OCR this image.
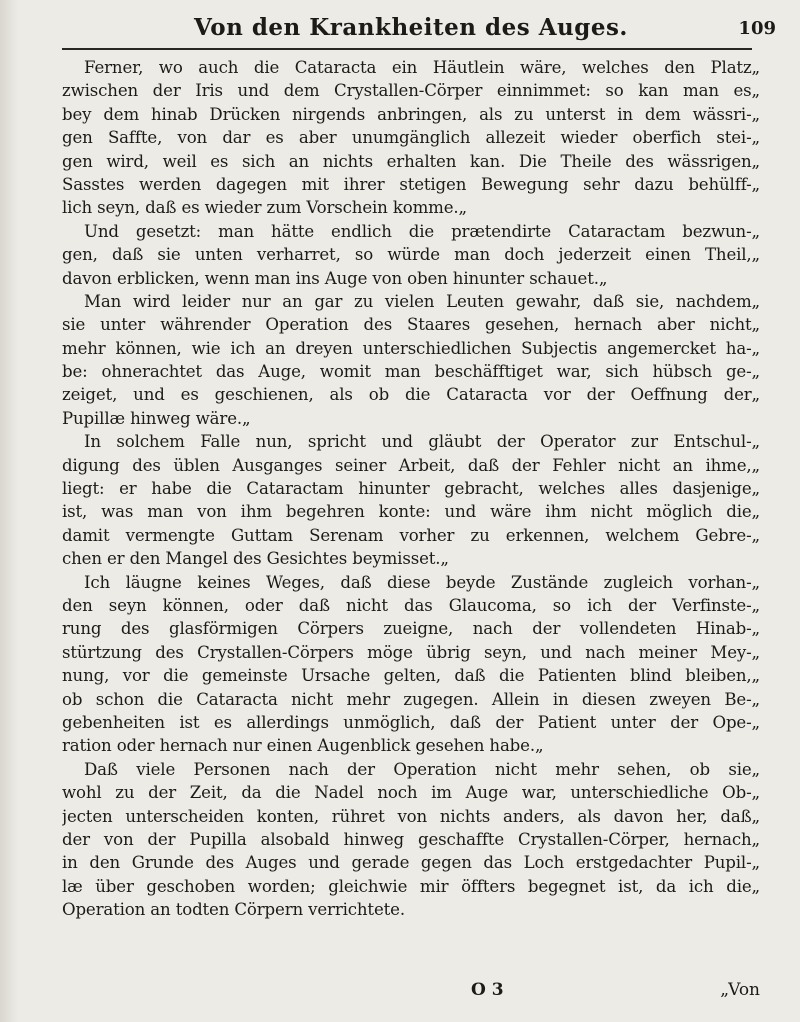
Von den Krankheiten des Auges.	109
Ferner, wo auch die Cataracta ein Häutlein wäre, welches den Platz„
zwischen der Iris und dem Crystallen-Cörper einnimmet: so kan man es„
bey dem hinab Drücken nirgends anbringen, als zu unterst in dem wässri-„
gen Saffte, von dar es aber unumgänglich allezeit wieder oberfich stei-„
gen wird, weil es sich an nichts erhalten kan. Die Theile des wässrigen„
Sasstes werden dagegen mit ihrer stetigen Bewegung sehr dazu behülff-„
lich seyn, daß es wieder zum Vorschein komme.„
Und gesetzt: man hätte endlich die prætendirte Cataractam bezwun-„
gen, daß sie unten verharret, so würde man doch jederzeit einen Theil,„
davon erblicken, wenn man ins Auge von oben hinunter schauet.„
Man wird leider nur an gar zu vielen Leuten gewahr, daß sie, nachdem„
sie unter währender Operation des Staares gesehen, hernach aber nicht„
mehr können, wie ich an dreyen unterschiedlichen Subjectis angemercket ha-„
be: ohnerachtet das Auge, womit man beschäfftiget war, sich hübsch ge-„
zeiget, und es geschienen, als ob die Cataracta vor der Oeffnung der„
Pupillæ hinweg wäre.„
In solchem Falle nun, spricht und gläubt der Operator zur Entschul-„
digung des üblen Ausganges seiner Arbeit, daß der Fehler nicht an ihme,„
liegt: er habe die Cataractam hinunter gebracht, welches alles dasjenige„
ist, was man von ihm begehren konte: und wäre ihm nicht möglich die„
damit vermengte Guttam Serenam vorher zu erkennen, welchem Gebre-„
chen er den Mangel des Gesichtes beymisset.„
Ich läugne keines Weges, daß diese beyde Zustände zugleich vorhan-„
den seyn können, oder daß nicht das Glaucoma, so ich der Verfinste-„
rung des glasförmigen Cörpers zueigne, nach der vollendeten Hinab-„
stürtzung des Crystallen-Cörpers möge übrig seyn, und nach meiner Mey-„
nung, vor die gemeinste Ursache gelten, daß die Patienten blind bleiben,„
ob schon die Cataracta nicht mehr zugegen. Allein in diesen zweyen Be-„
gebenheiten ist es allerdings unmöglich, daß der Patient unter der Ope-„
ration oder hernach nur einen Augenblick gesehen habe.„
Daß viele Personen nach der Operation nicht mehr sehen, ob sie„
wohl zu der Zeit, da die Nadel noch im Auge war, unterschiedliche Ob-„
jecten unterscheiden konten, rühret von nichts anders, als davon her, daß„
der von der Pupilla alsobald hinweg geschaffte Crystallen-Cörper, hernach„
in den Grunde des Auges und gerade gegen das Loch erstgedachter Pupil-„
læ über geschoben worden; gleichwie mir öffters begegnet ist, da ich die„
Operation an todten Cörpern verrichtete.
O 3	„Von
